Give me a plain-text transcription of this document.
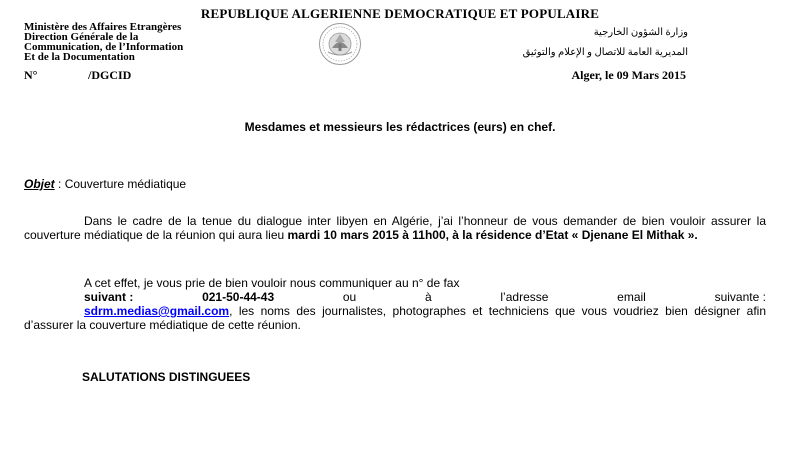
REPUBLIQUE ALGERIENNE DEMOCRATIQUE ET POPULAIRE
Ministère des Affaires Etrangères
Direction Générale de la
Communication, de l’Information
Et de la Documentation
وزارة الشؤون الخارجية
المديرية العامة للاتصال و الإعلام والتوثيق
N°	/DGCID	Alger, le 09 Mars 2015
Mesdames et messieurs les rédactrices (eurs) en chef.
Objet : Couverture médiatique
Dans le cadre de la tenue du dialogue inter libyen en Algérie, j’ai l’honneur de vous demander de bien vouloir assurer la couverture médiatique de la réunion qui aura lieu mardi 10 mars 2015 à 11h00, à la résidence d’Etat « Djenane El Mithak ».
A cet effet, je vous prie de bien vouloir nous communiquer au n° de fax
suivant :	021-50-44-43	ou	à	l’adresse	email	suivante :
sdrm.medias@gmail.com, les noms des journalistes, photographes et techniciens que vous voudriez bien désigner afin d’assurer la couverture médiatique de cette réunion.
SALUTATIONS DISTINGUEES
